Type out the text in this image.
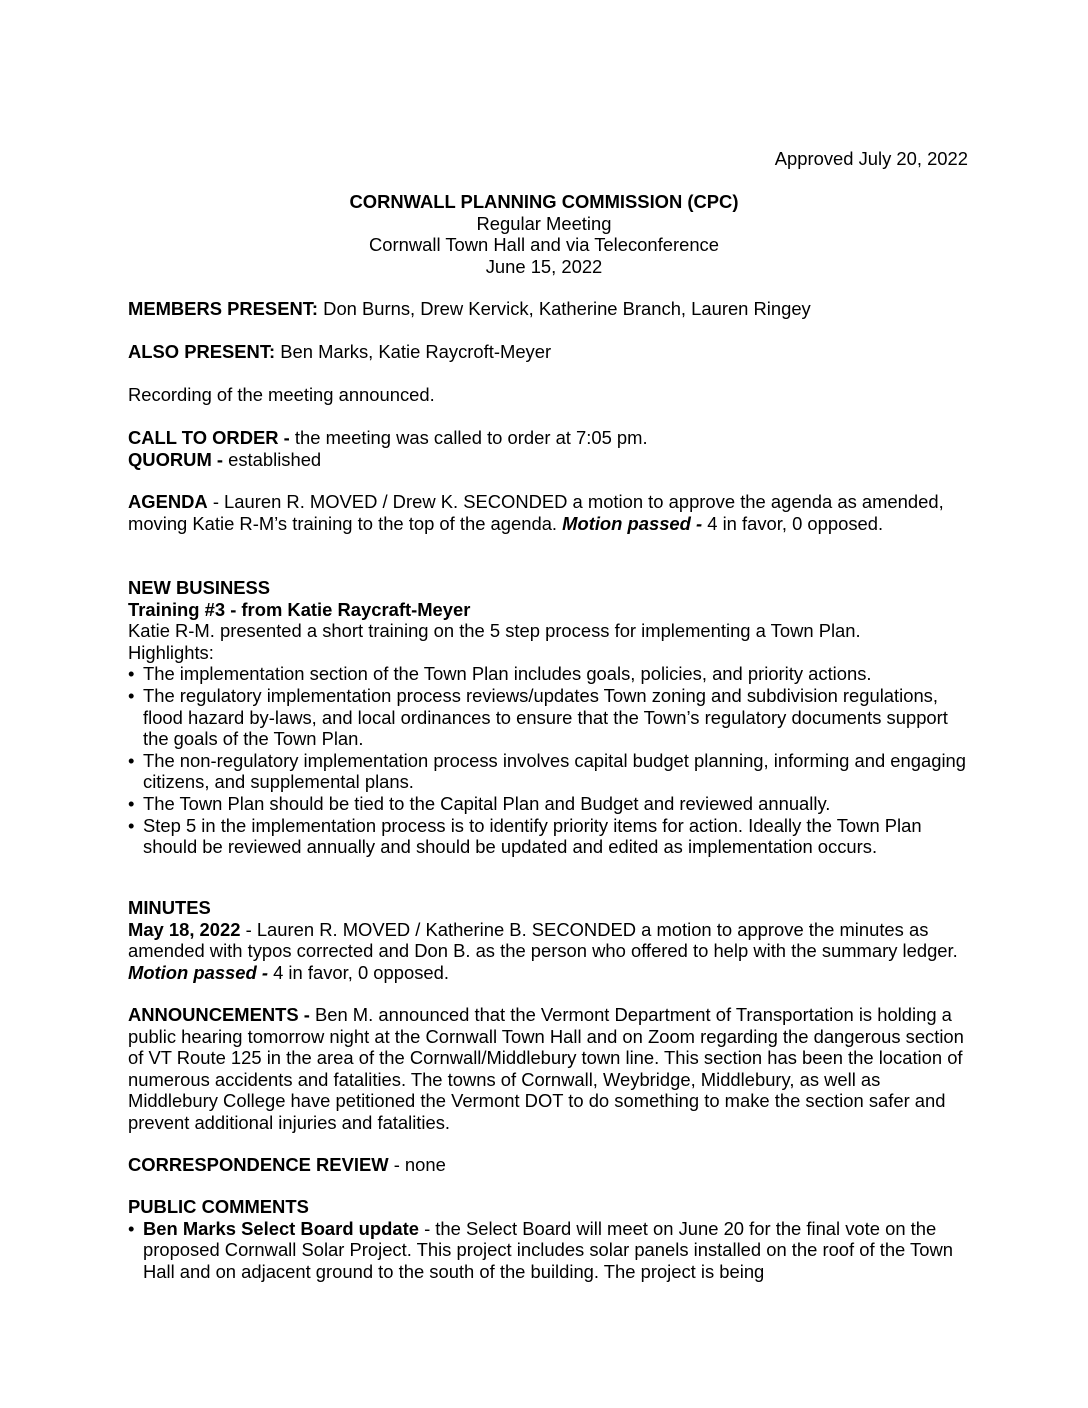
Approved July 20, 2022
CORNWALL PLANNING COMMISSION (CPC)
Regular Meeting
Cornwall Town Hall and via Teleconference
June 15, 2022

MEMBERS PRESENT: Don Burns, Drew Kervick, Katherine Branch, Lauren Ringey

ALSO PRESENT: Ben Marks, Katie Raycroft-Meyer

Recording of the meeting announced.

CALL TO ORDER - the meeting was called to order at 7:05 pm.

QUORUM - established

AGENDA - Lauren R. MOVED / Drew K. SECONDED a motion to approve the agenda as amended, moving Katie R-M’s training to the top of the agenda. Motion passed - 4 in favor, 0 opposed.

NEW BUSINESS

Training #3 - from Katie Raycraft-Meyer

Katie R-M. presented a short training on the 5 step process for implementing a Town Plan.

Highlights:

• The implementation section of the Town Plan includes goals, policies, and priority actions.
• The regulatory implementation process reviews/updates Town zoning and subdivision regulations, flood hazard by-laws, and local ordinances to ensure that the Town’s regulatory documents support the goals of the Town Plan.
• The non-regulatory implementation process involves capital budget planning, informing and engaging citizens, and supplemental plans.
• The Town Plan should be tied to the Capital Plan and Budget and reviewed annually.
• Step 5 in the implementation process is to identify priority items for action. Ideally the Town Plan should be reviewed annually and should be updated and edited as implementation occurs.

MINUTES

May 18, 2022 - Lauren R. MOVED / Katherine B. SECONDED a motion to approve the minutes as amended with typos corrected and Don B. as the person who offered to help with the summary ledger. Motion passed - 4 in favor, 0 opposed.

ANNOUNCEMENTS - Ben M. announced that the Vermont Department of Transportation is holding a public hearing tomorrow night at the Cornwall Town Hall and on Zoom regarding the dangerous section of VT Route 125 in the area of the Cornwall/Middlebury town line. This section has been the location of numerous accidents and fatalities. The towns of Cornwall, Weybridge, Middlebury, as well as Middlebury College have petitioned the Vermont DOT to do something to make the section safer and prevent additional injuries and fatalities.

CORRESPONDENCE REVIEW - none

PUBLIC COMMENTS

• Ben Marks Select Board update - the Select Board will meet on June 20 for the final vote on the proposed Cornwall Solar Project. This project includes solar panels installed on the roof of the Town Hall and on adjacent ground to the south of the building. The project is being
